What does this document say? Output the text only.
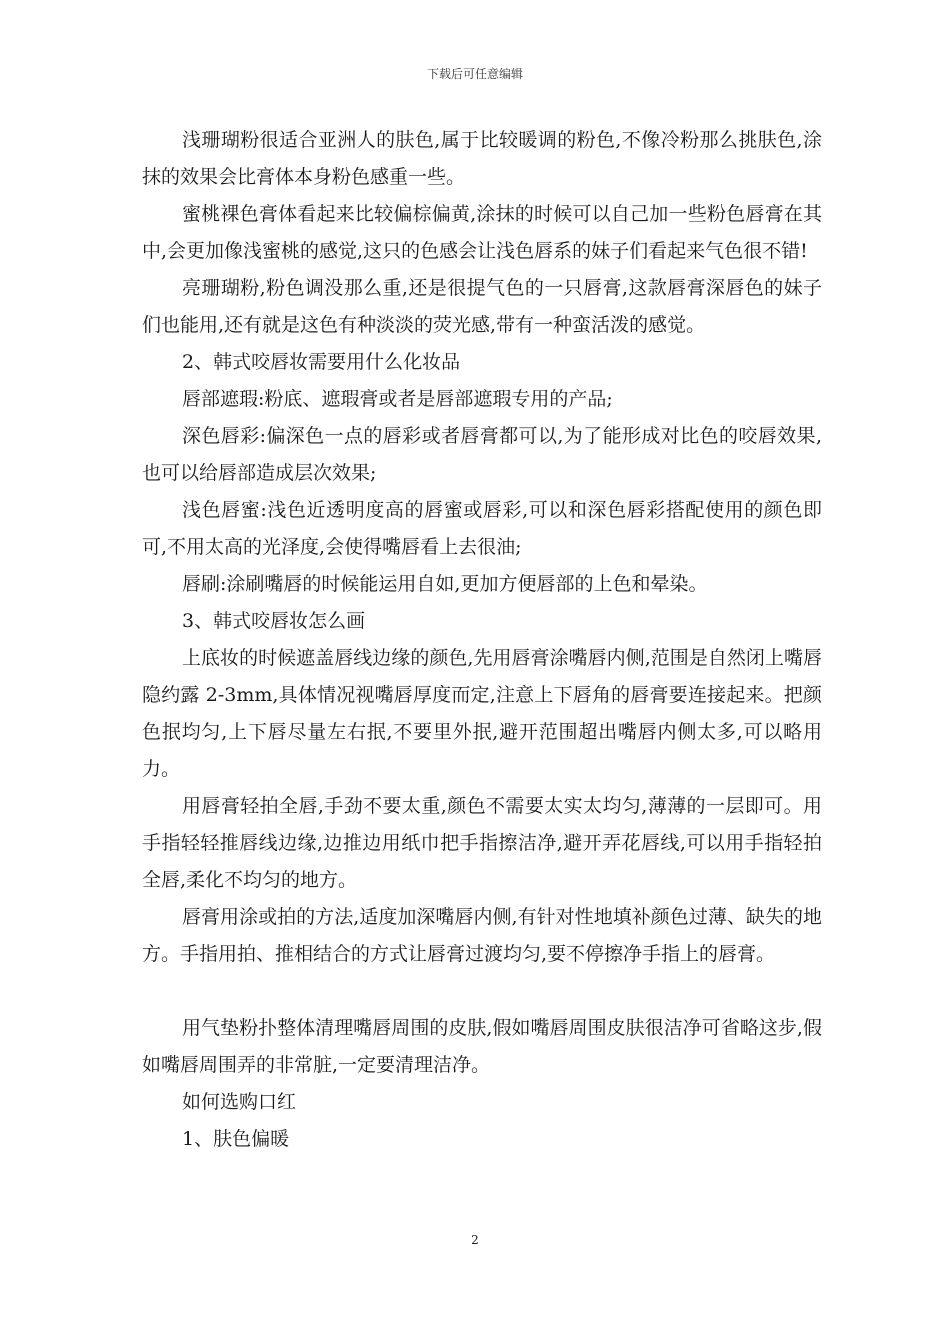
下载后可任意编辑

浅珊瑚粉很适合亚洲人的肤色,属于比较暖调的粉色,不像冷粉那么挑肤色,涂抹的效果会比膏体本身粉色感重一些。

蜜桃裸色膏体看起来比较偏棕偏黄,涂抹的时候可以自己加一些粉色唇膏在其中,会更加像浅蜜桃的感觉,这只的色感会让浅色唇系的妹子们看起来气色很不错!

亮珊瑚粉,粉色调没那么重,还是很提气色的一只唇膏,这款唇膏深唇色的妹子们也能用,还有就是这色有种淡淡的荧光感,带有一种蛮活泼的感觉。

2、韩式咬唇妆需要用什么化妆品

唇部遮瑕:粉底、遮瑕膏或者是唇部遮瑕专用的产品;

深色唇彩:偏深色一点的唇彩或者唇膏都可以,为了能形成对比色的咬唇效果,也可以给唇部造成层次效果;

浅色唇蜜:浅色近透明度高的唇蜜或唇彩,可以和深色唇彩搭配使用的颜色即可,不用太高的光泽度,会使得嘴唇看上去很油;

唇刷:涂刷嘴唇的时候能运用自如,更加方便唇部的上色和晕染。

3、韩式咬唇妆怎么画

上底妆的时候遮盖唇线边缘的颜色,先用唇膏涂嘴唇内侧,范围是自然闭上嘴唇隐约露 2-3mm,具体情况视嘴唇厚度而定,注意上下唇角的唇膏要连接起来。把颜色抿均匀,上下唇尽量左右抿,不要里外抿,避开范围超出嘴唇内侧太多,可以略用力。

用唇膏轻拍全唇,手劲不要太重,颜色不需要太实太均匀,薄薄的一层即可。用手指轻轻推唇线边缘,边推边用纸巾把手指擦洁净,避开弄花唇线,可以用手指轻拍全唇,柔化不均匀的地方。

唇膏用涂或拍的方法,适度加深嘴唇内侧,有针对性地填补颜色过薄、缺失的地方。手指用拍、推相结合的方式让唇膏过渡均匀,要不停擦净手指上的唇膏。

用气垫粉扑整体清理嘴唇周围的皮肤,假如嘴唇周围皮肤很洁净可省略这步,假如嘴唇周围弄的非常脏,一定要清理洁净。

如何选购口红

1、肤色偏暖

2
